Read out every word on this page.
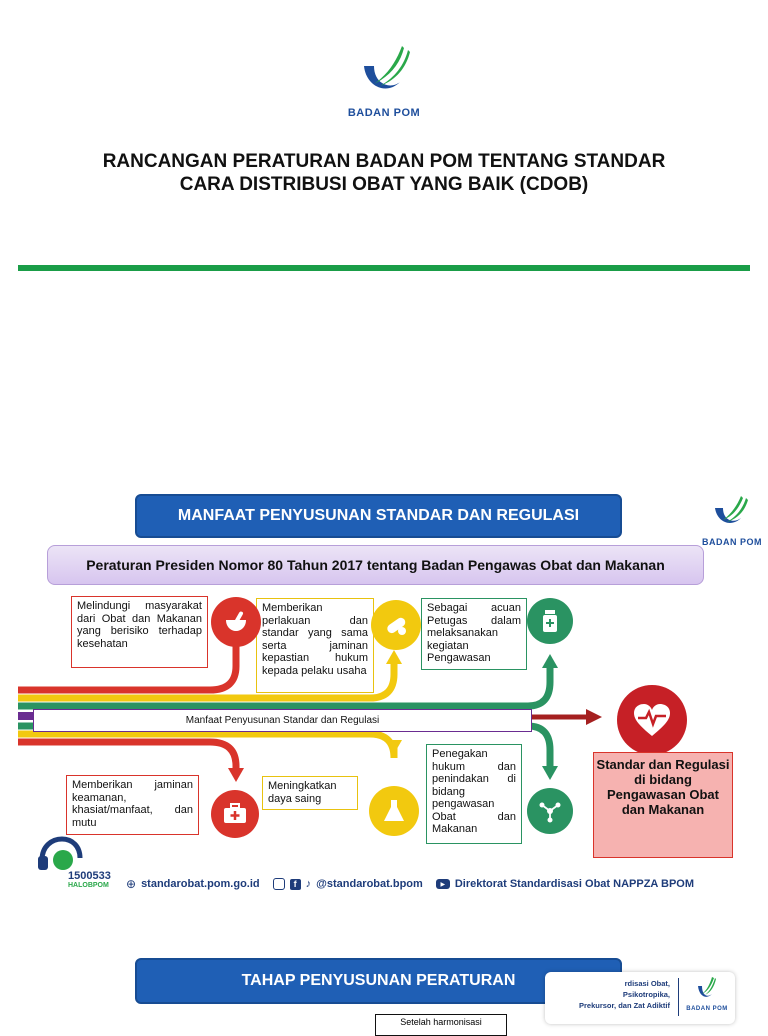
BADAN POM
RANCANGAN PERATURAN BADAN POM TENTANG STANDAR
CARA DISTRIBUSI OBAT YANG BAIK (CDOB)
MANFAAT PENYUSUNAN STANDAR DAN REGULASI
BADAN POM
Peraturan Presiden Nomor 80 Tahun 2017 tentang Badan Pengawas Obat dan Makanan
Manfaat Penyusunan Standar dan Regulasi
Melindungi masyarakat dari Obat dan Makanan yang berisiko terhadap kesehatan
Memberikan perlakuan dan standar yang sama serta jaminan kepastian hukum kepada pelaku usaha
Sebagai acuan Petugas dalam melaksanakan kegiatan Pengawasan
Memberikan jaminan keamanan, khasiat/manfaat, dan mutu
Meningkatkan daya saing
Penegakan hukum dan penindakan di bidang pengawasan Obat dan Makanan
Standar dan Regulasi di bidang Pengawasan Obat dan Makanan
1500533
HALOBPOM ⊕ standarobat.pom.go.id	f ♪ @standarobat.bpom	▶ Direktorat Standardisasi Obat NAPPZA BPOM
TAHAP PENYUSUNAN PERATURAN	rdisasi Obat,
Psikotropika,
Prekursor, dan Zat Adiktif	BADAN POM
Setelah harmonisasi
